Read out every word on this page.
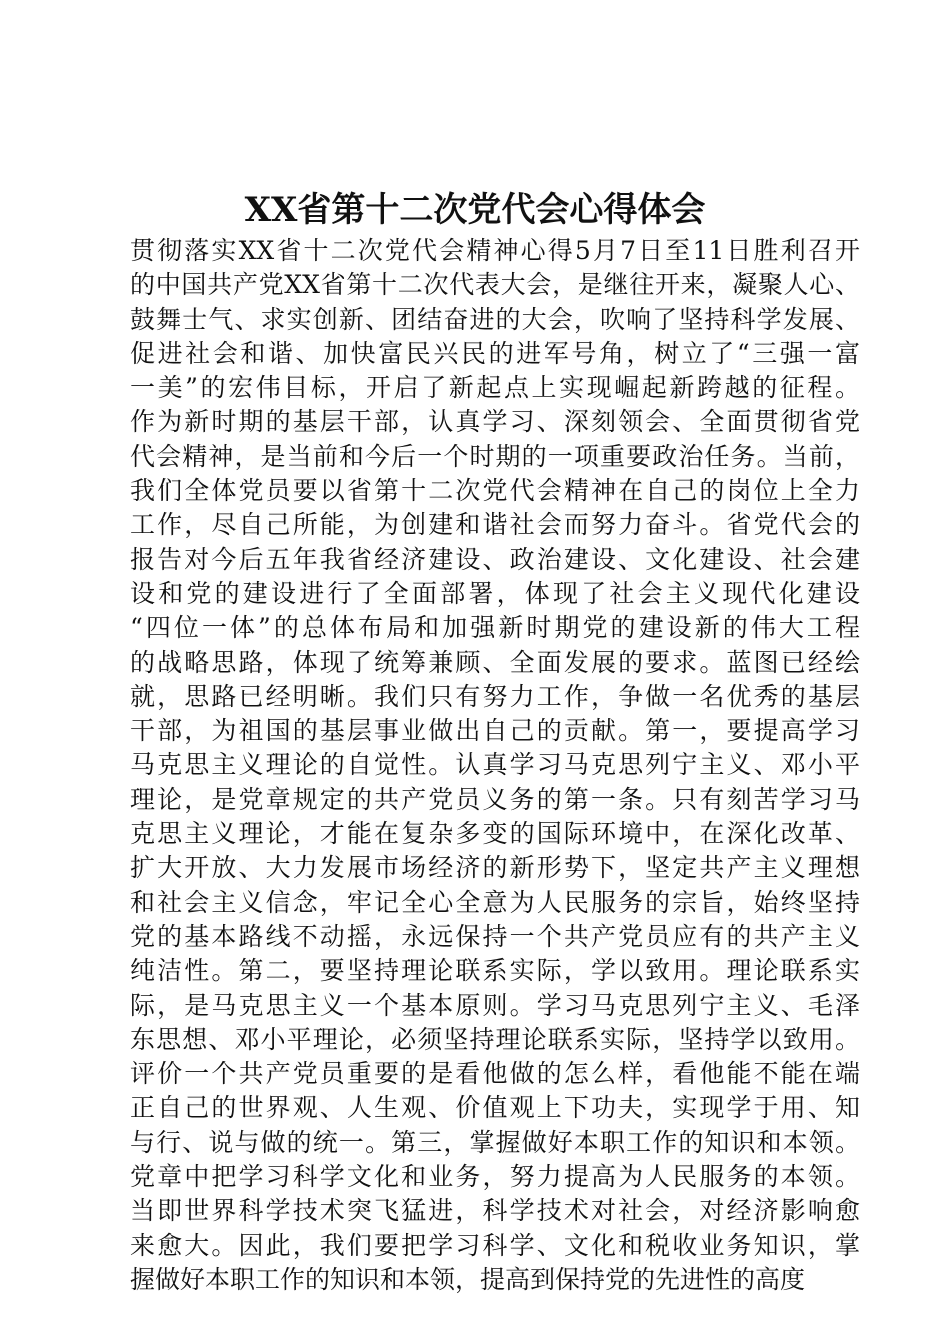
XX省第十二次党代会心得体会
贯彻落实XX省十二次党代会精神心得5月7日至11日胜利召开
的中国共产党XX省第十二次代表大会，是继往开来，凝聚人心、
鼓舞士气、求实创新、团结奋进的大会，吹响了坚持科学发展、
促进社会和谐、加快富民兴民的进军号角，树立了“三强一富
一美”的宏伟目标，开启了新起点上实现崛起新跨越的征程。
作为新时期的基层干部，认真学习、深刻领会、全面贯彻省党
代会精神，是当前和今后一个时期的一项重要政治任务。当前，
我们全体党员要以省第十二次党代会精神在自己的岗位上全力
工作，尽自己所能，为创建和谐社会而努力奋斗。省党代会的
报告对今后五年我省经济建设、政治建设、文化建设、社会建
设和党的建设进行了全面部署，体现了社会主义现代化建设
“四位一体”的总体布局和加强新时期党的建设新的伟大工程
的战略思路，体现了统筹兼顾、全面发展的要求。蓝图已经绘
就，思路已经明晰。我们只有努力工作，争做一名优秀的基层
干部，为祖国的基层事业做出自己的贡献。第一，要提高学习
马克思主义理论的自觉性。认真学习马克思列宁主义、邓小平
理论，是党章规定的共产党员义务的第一条。只有刻苦学习马
克思主义理论，才能在复杂多变的国际环境中，在深化改革、
扩大开放、大力发展市场经济的新形势下，坚定共产主义理想
和社会主义信念，牢记全心全意为人民服务的宗旨，始终坚持
党的基本路线不动摇，永远保持一个共产党员应有的共产主义
纯洁性。第二，要坚持理论联系实际，学以致用。理论联系实
际，是马克思主义一个基本原则。学习马克思列宁主义、毛泽
东思想、邓小平理论，必须坚持理论联系实际，坚持学以致用。
评价一个共产党员重要的是看他做的怎么样，看他能不能在端
正自己的世界观、人生观、价值观上下功夫，实现学于用、知
与行、说与做的统一。第三，掌握做好本职工作的知识和本领。
党章中把学习科学文化和业务，努力提高为人民服务的本领。
当即世界科学技术突飞猛进，科学技术对社会，对经济影响愈
来愈大。因此，我们要把学习科学、文化和税收业务知识，掌
握做好本职工作的知识和本领，提高到保持党的先进性的高度
